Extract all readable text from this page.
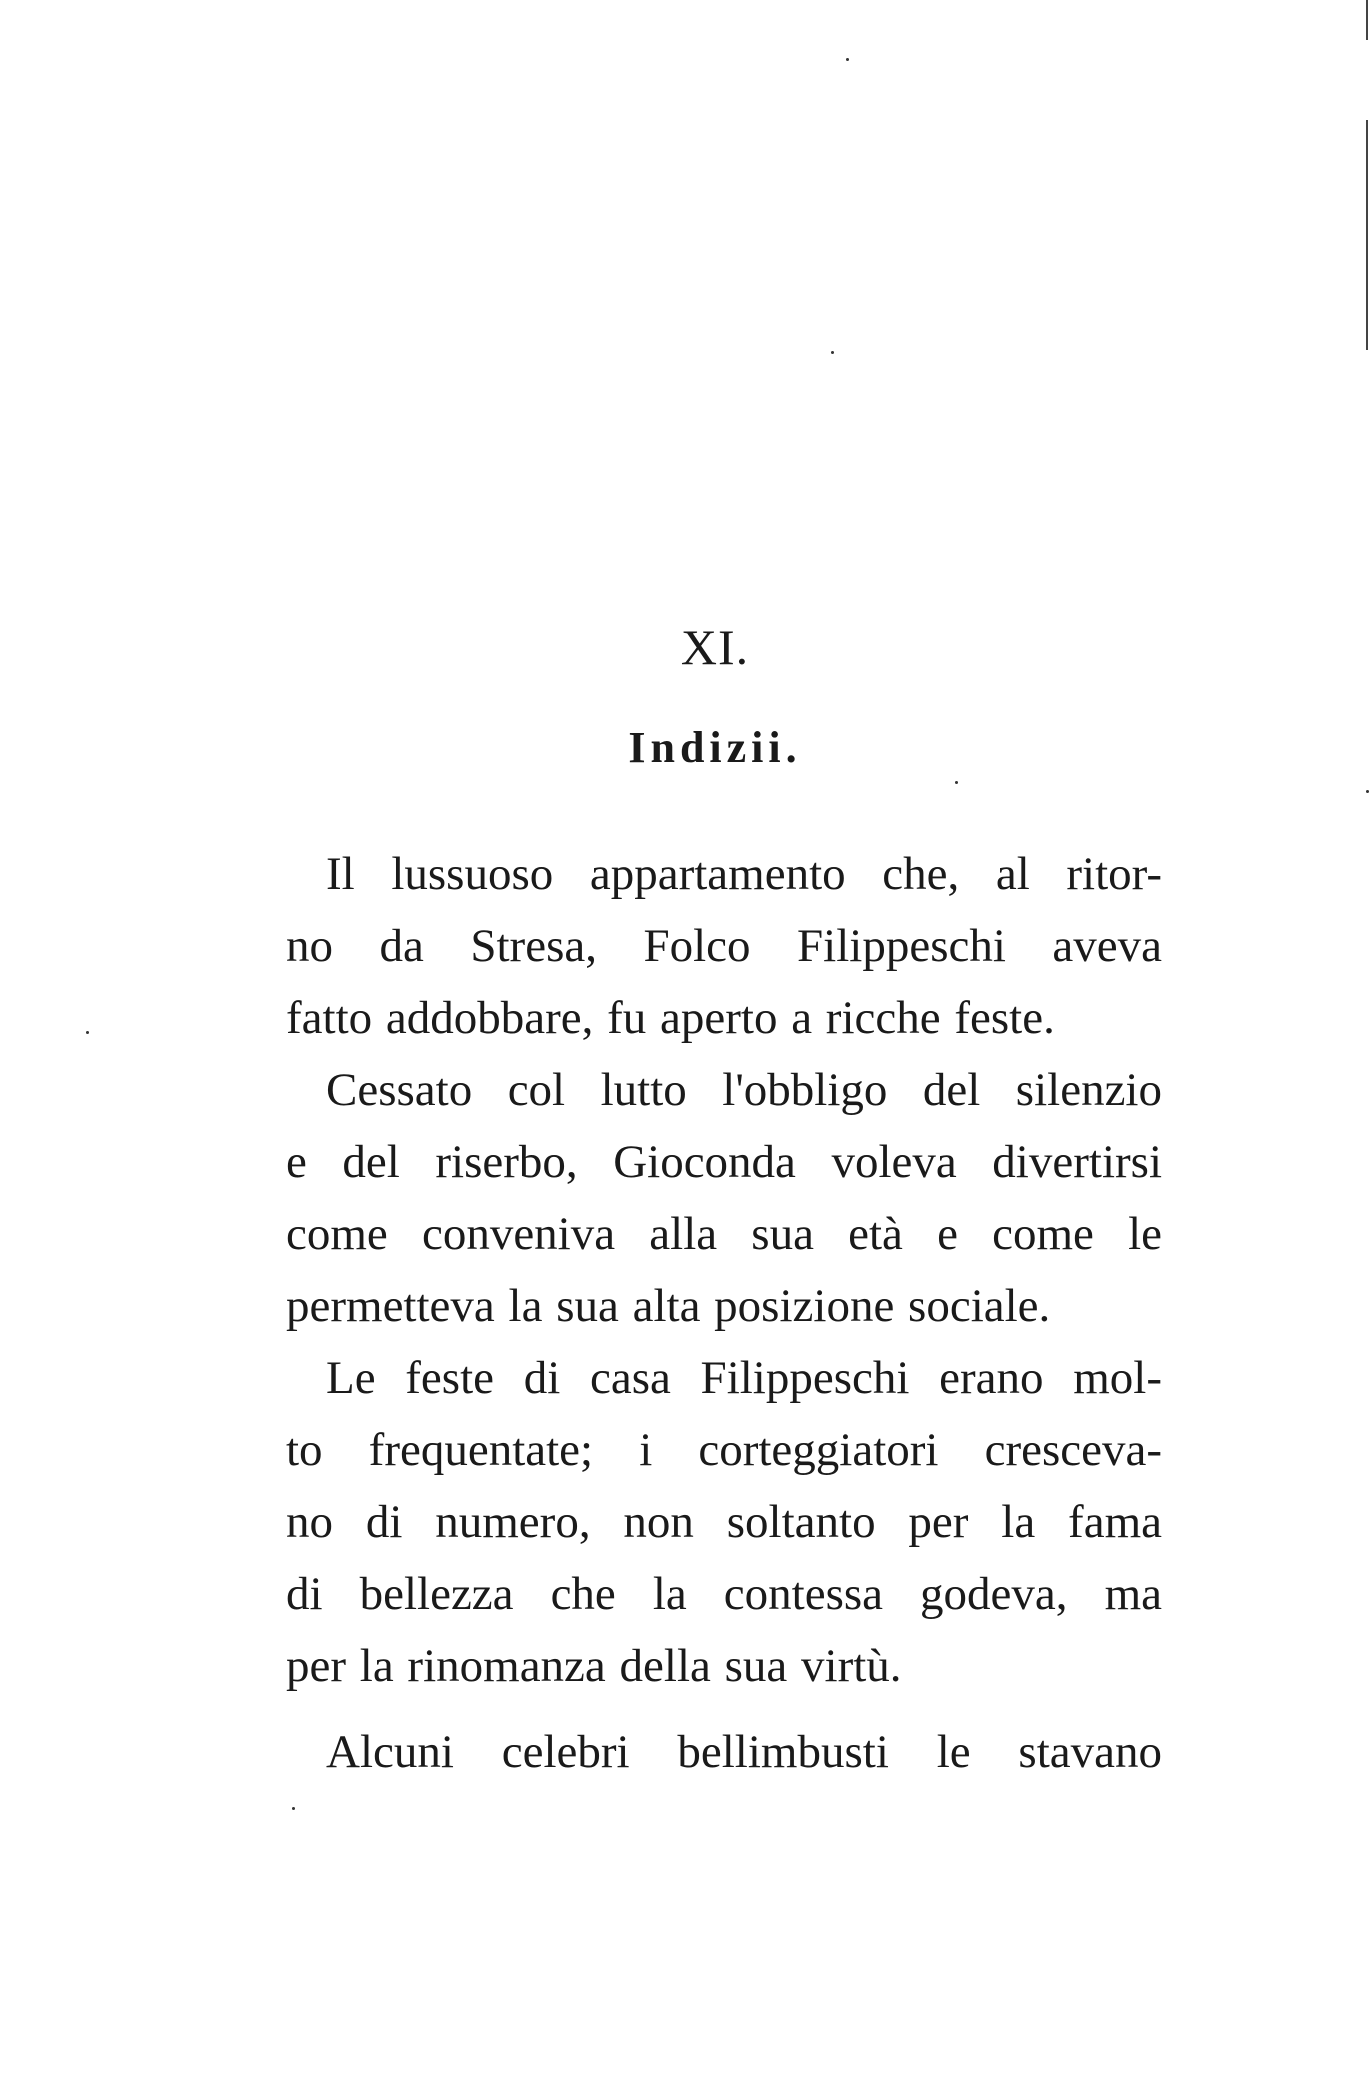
XI.
Indizii.
Il lussuoso appartamento che, al ritor-
no da Stresa, Folco Filippeschi aveva
fatto addobbare, fu aperto a ricche feste.
Cessato col lutto l'obbligo del silenzio
e del riserbo, Gioconda voleva divertirsi
come conveniva alla sua età e come le
permetteva la sua alta posizione sociale.
Le feste di casa Filippeschi erano mol-
to frequentate; i corteggiatori crescevа-
no di numero, non soltanto per la fama
di bellezza che la contessa godeva, ma
per la rinomanza della sua virtù.
Alcuni celebri bellimbusti le stavano
